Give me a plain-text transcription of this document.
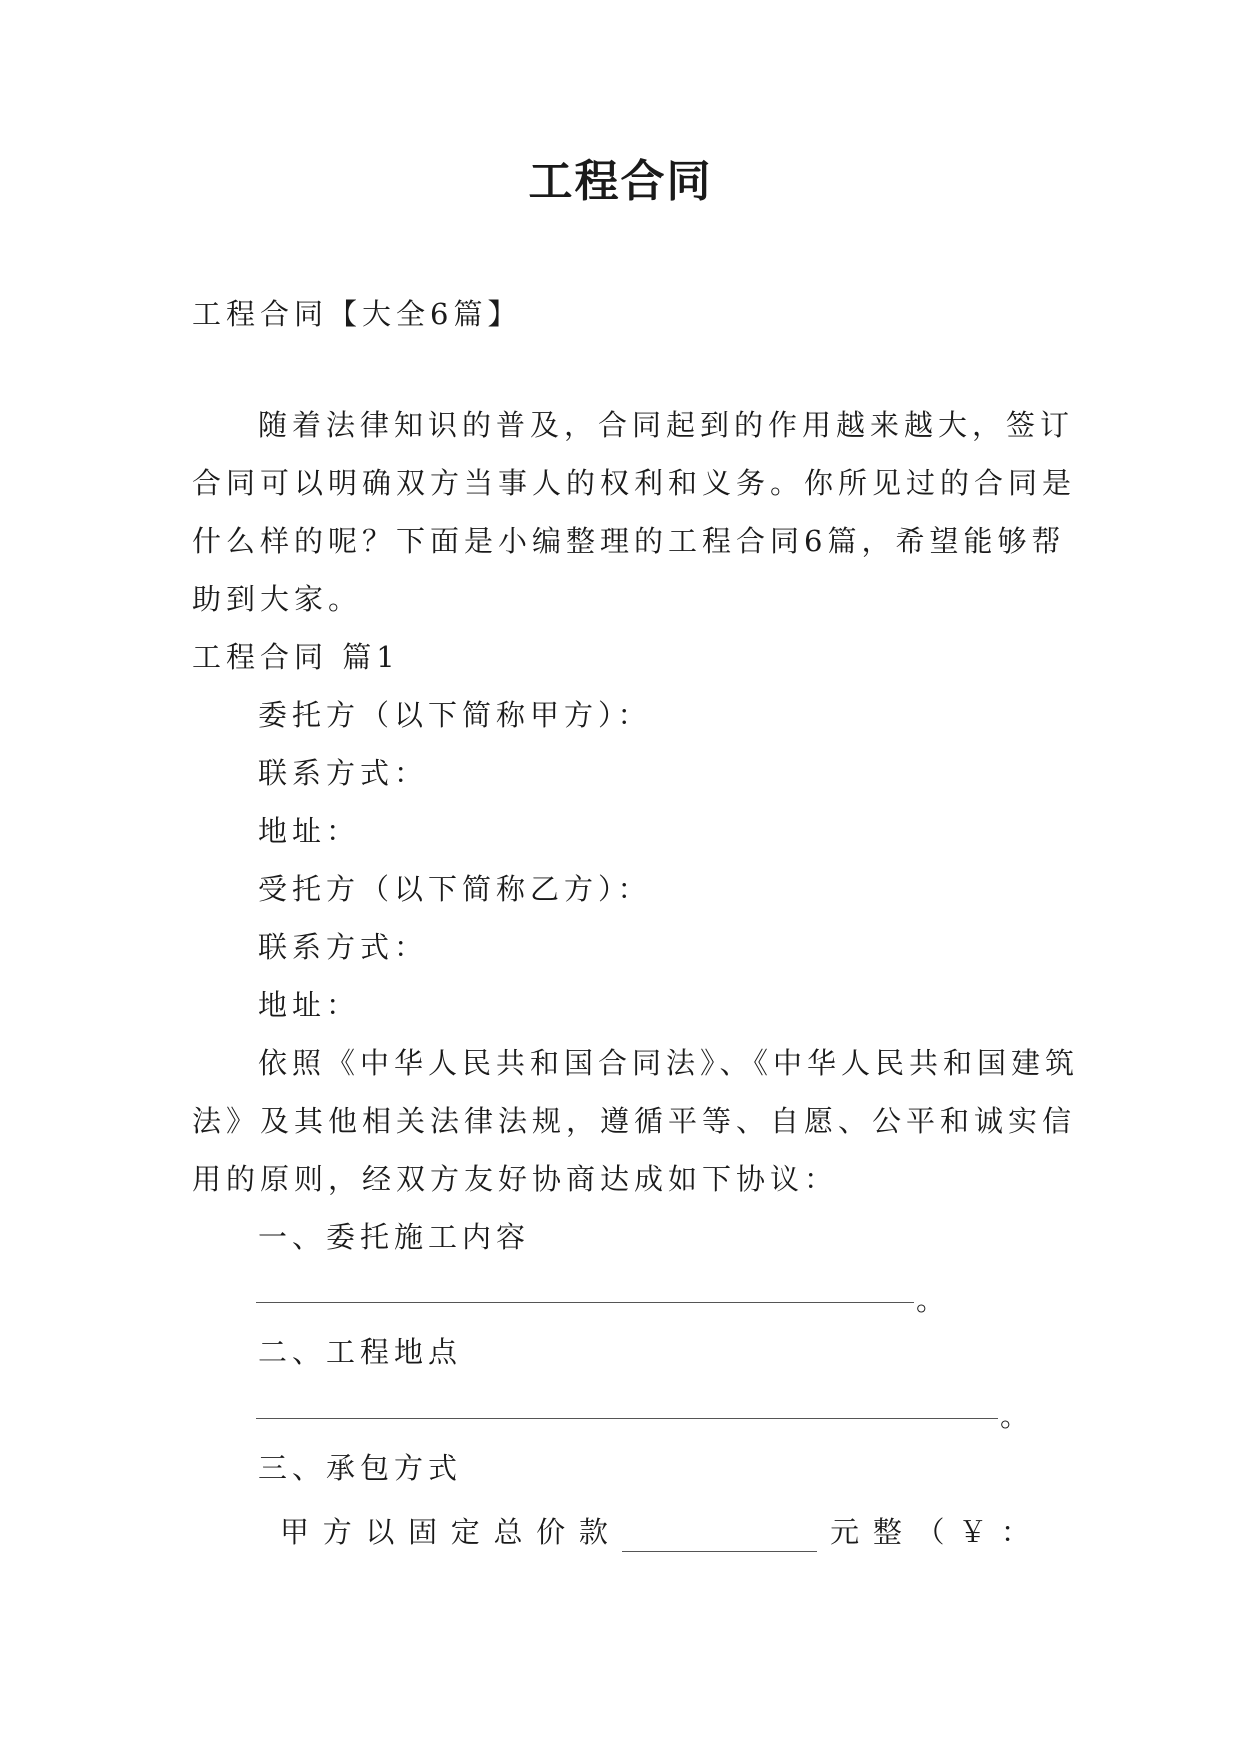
工程合同
工程合同【大全6篇】
随着法律知识的普及，合同起到的作用越来越大，签订
合同可以明确双方当事人的权利和义务。你所见过的合同是
什么样的呢？下面是小编整理的工程合同6篇，希望能够帮
助到大家。
工程合同 篇1
委托方（以下简称甲方）：
联系方式：
地址：
受托方（以下简称乙方）：
联系方式：
地址：
依照《中华人民共和国合同法》、《中华人民共和国建筑
法》及其他相关法律法规，遵循平等、自愿、公平和诚实信
用的原则，经双方友好协商达成如下协议：
一、委托施工内容
。
二、工程地点
。
三、承包方式
甲 方 以 固 定 总 价 款	元 整 （ ￥ ：
